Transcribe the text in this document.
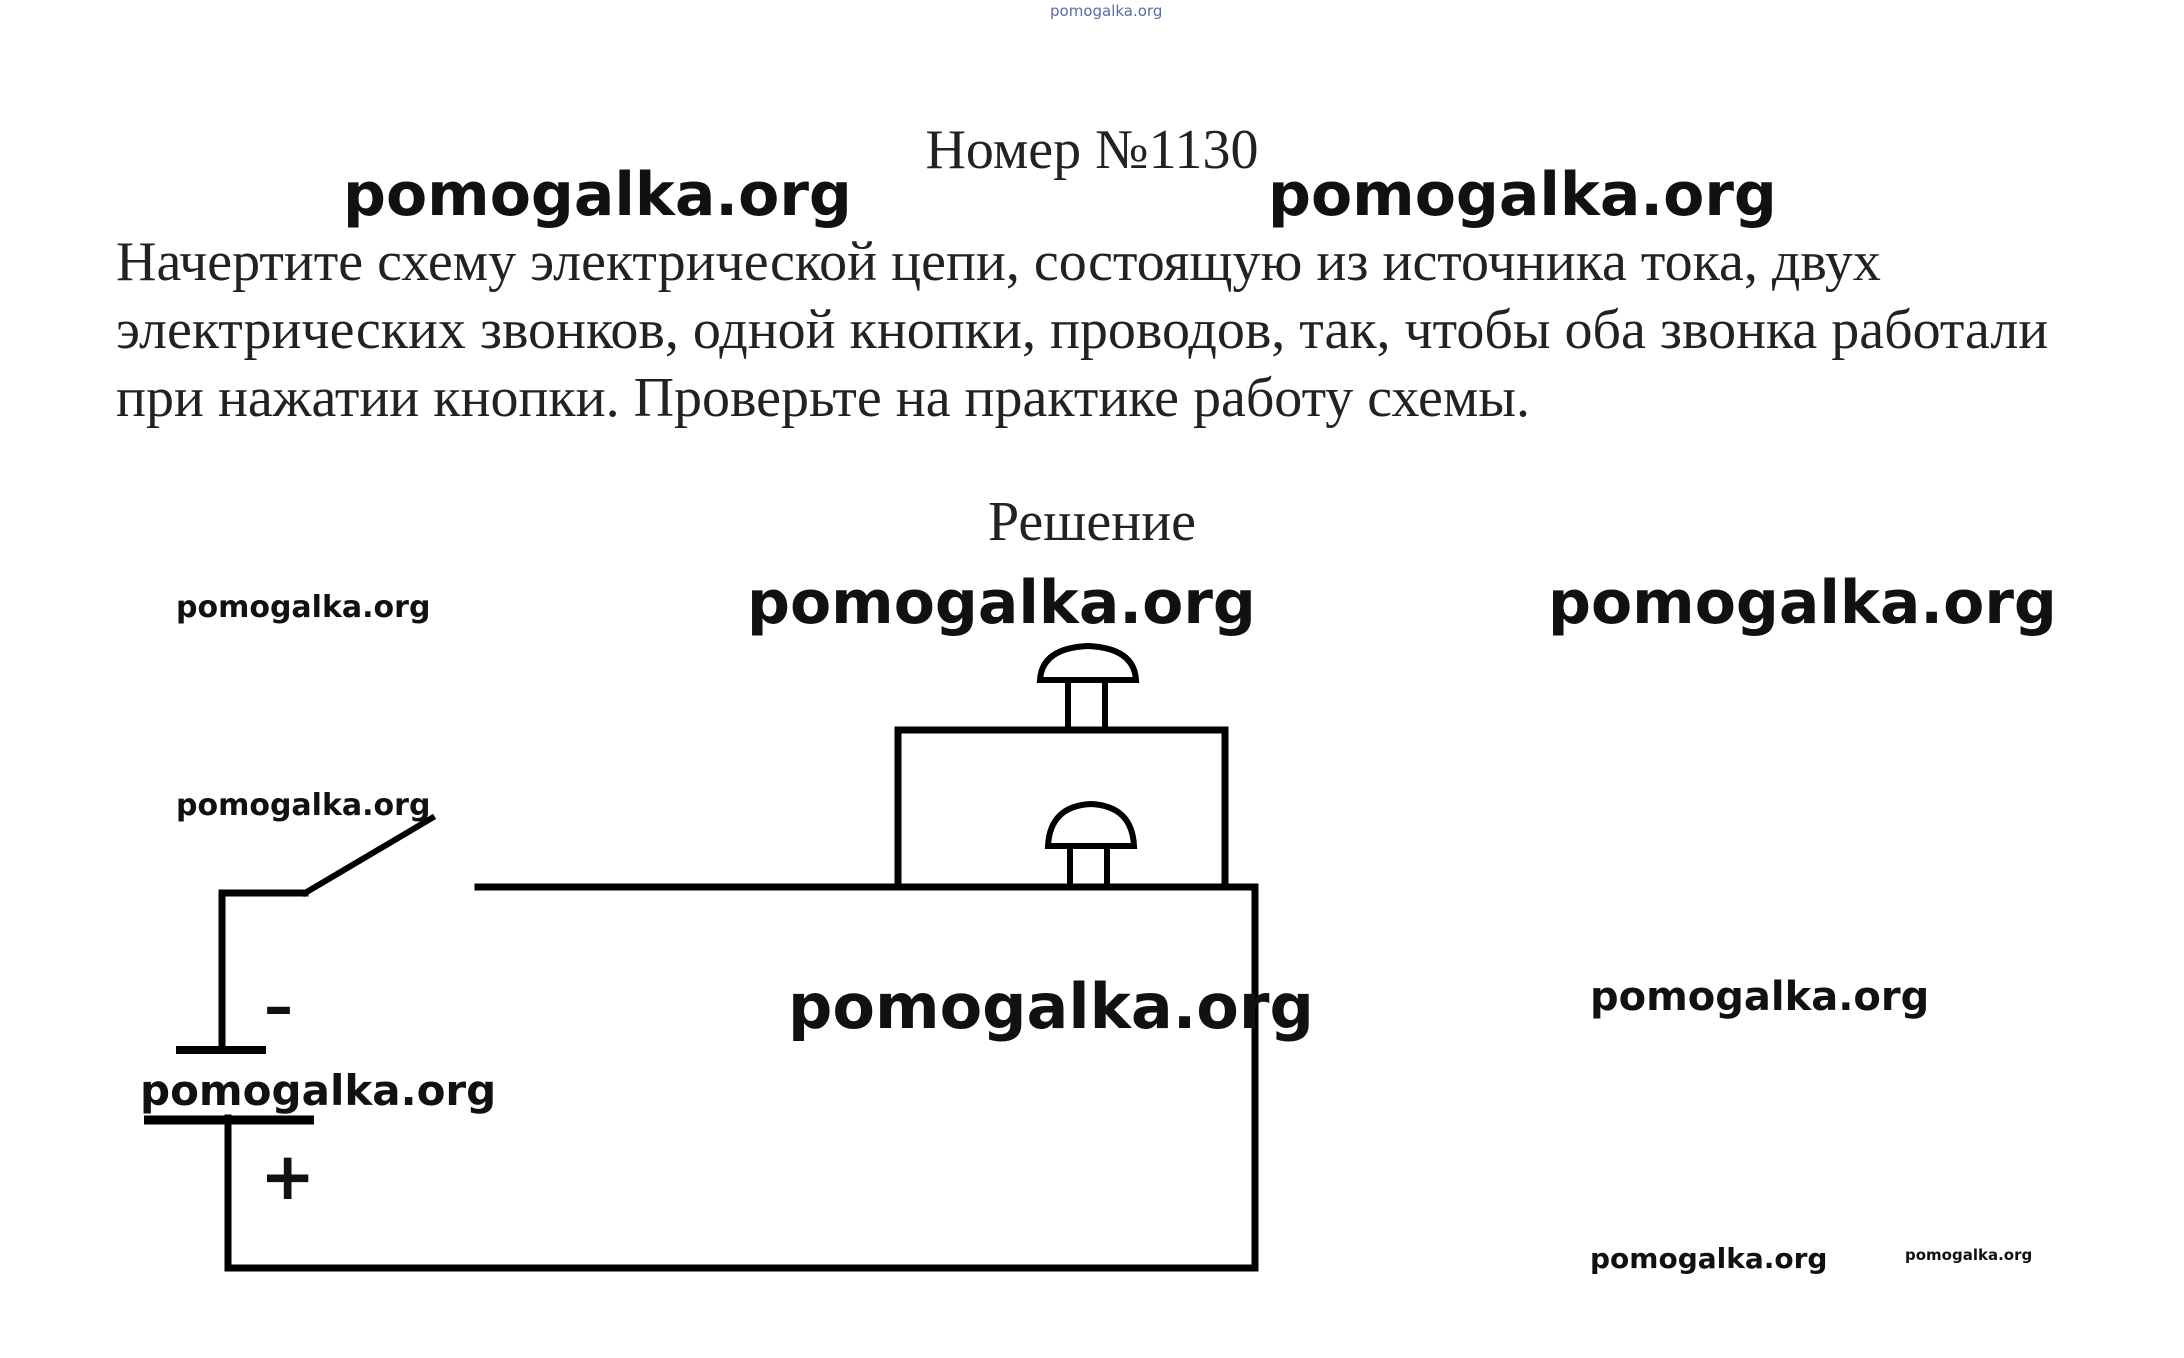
pomogalka.org
Номер №1130
Начертите схему электрической цепи, состоящую из источника тока, двух электрических звонков, одной кнопки, проводов, так, чтобы оба звонка работали при нажатии кнопки. Проверьте на практике работу схемы.
Решение
–
+
pomogalka.org	pomogalka.org
pomogalka.org	pomogalka.org	pomogalka.org
pomogalka.org
pomogalka.org	pomogalka.org
pomogalka.org
pomogalka.org	pomogalka.org
